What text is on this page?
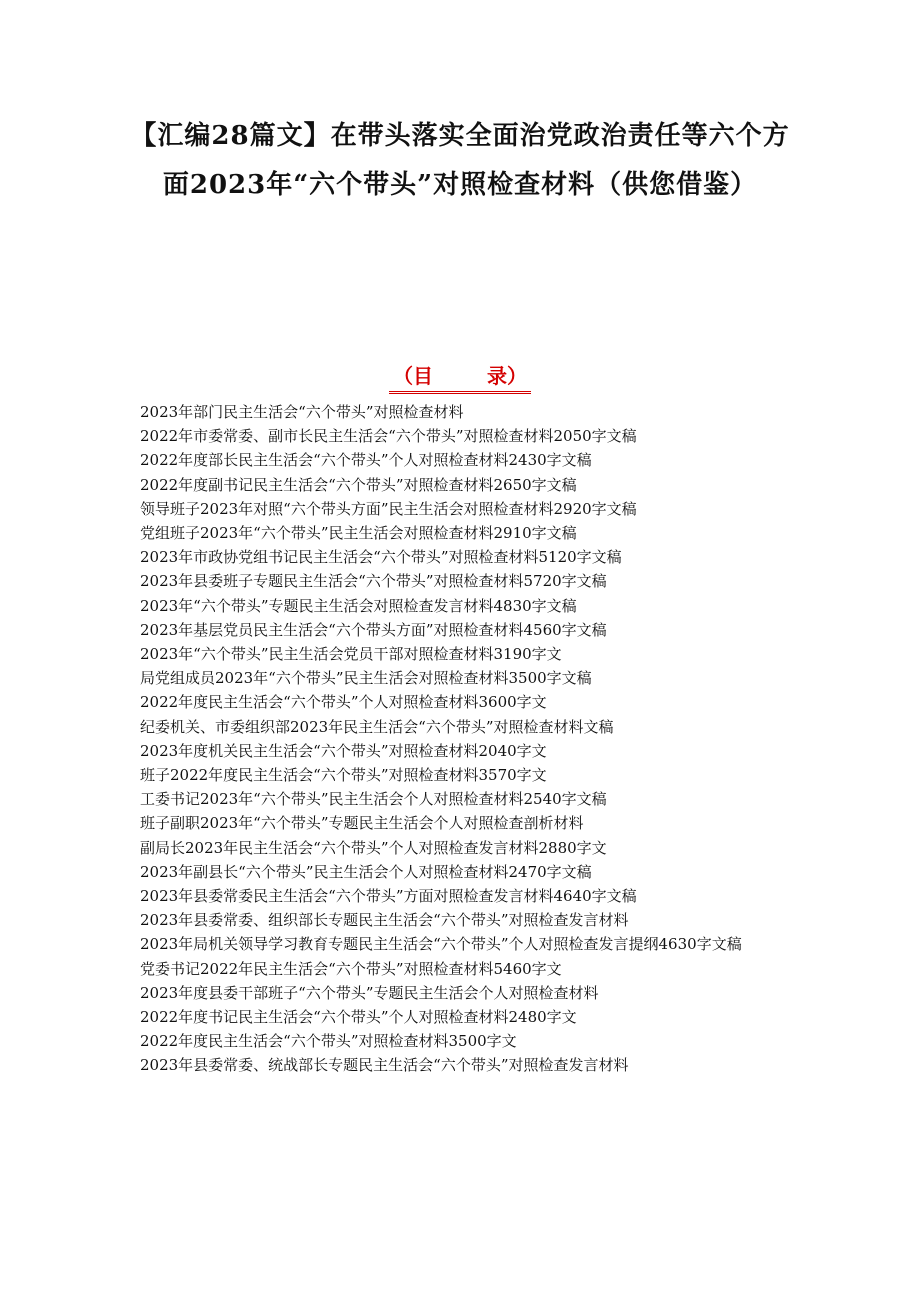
【汇编28篇文】在带头落实全面治党政治责任等六个方面2023年“六个带头”对照检查材料（供您借鉴）
（目	录）
2023年部门民主生活会“六个带头”对照检查材料
2022年市委常委、副市长民主生活会“六个带头”对照检查材料2050字文稿
2022年度部长民主生活会“六个带头”个人对照检查材料2430字文稿
2022年度副书记民主生活会“六个带头”对照检查材料2650字文稿
领导班子2023年对照“六个带头方面”民主生活会对照检查材料2920字文稿
党组班子2023年“六个带头”民主生活会对照检查材料2910字文稿
2023年市政协党组书记民主生活会“六个带头”对照检查材料5120字文稿
2023年县委班子专题民主生活会“六个带头”对照检查材料5720字文稿
2023年“六个带头”专题民主生活会对照检查发言材料4830字文稿
2023年基层党员民主生活会“六个带头方面”对照检查材料4560字文稿
2023年“六个带头”民主生活会党员干部对照检查材料3190字文
局党组成员2023年“六个带头”民主生活会对照检查材料3500字文稿
2022年度民主生活会“六个带头”个人对照检查材料3600字文
纪委机关、市委组织部2023年民主生活会“六个带头”对照检查材料文稿
2023年度机关民主生活会“六个带头”对照检查材料2040字文
班子2022年度民主生活会“六个带头”对照检查材料3570字文
工委书记2023年“六个带头”民主生活会个人对照检查材料2540字文稿
班子副职2023年“六个带头”专题民主生活会个人对照检查剖析材料
副局长2023年民主生活会“六个带头”个人对照检查发言材料2880字文
2023年副县长“六个带头”民主生活会个人对照检查材料2470字文稿
2023年县委常委民主生活会“六个带头”方面对照检查发言材料4640字文稿
2023年县委常委、组织部长专题民主生活会“六个带头”对照检查发言材料
2023年局机关领导学习教育专题民主生活会“六个带头”个人对照检查发言提纲4630字文稿
党委书记2022年民主生活会“六个带头”对照检查材料5460字文
2023年度县委干部班子“六个带头”专题民主生活会个人对照检查材料
2022年度书记民主生活会“六个带头”个人对照检查材料2480字文
2022年度民主生活会“六个带头”对照检查材料3500字文
2023年县委常委、统战部长专题民主生活会“六个带头”对照检查发言材料
